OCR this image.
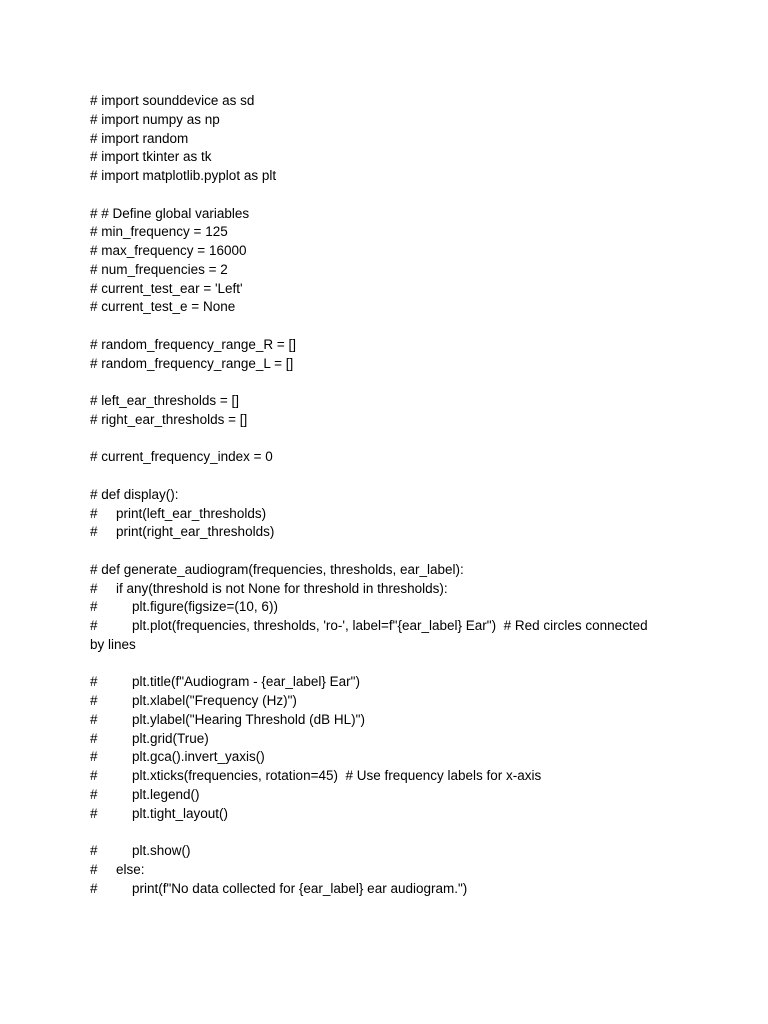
# import sounddevice as sd
# import numpy as np
# import random
# import tkinter as tk
# import matplotlib.pyplot as plt
# # Define global variables
# min_frequency = 125
# max_frequency = 16000
# num_frequencies = 2
# current_test_ear = 'Left'
# current_test_e = None
# random_frequency_range_R = []
# random_frequency_range_L = []
# left_ear_thresholds = []
# right_ear_thresholds = []
# current_frequency_index = 0
# def display():
#	print(left_ear_thresholds)
#	print(right_ear_thresholds)
# def generate_audiogram(frequencies, thresholds, ear_label):
#	if any(threshold is not None for threshold in thresholds):
#	plt.figure(figsize=(10, 6))
#	plt.plot(frequencies, thresholds, 'ro-', label=f"{ear_label} Ear")  # Red circles connected by lines
#	plt.title(f"Audiogram - {ear_label} Ear")
#	plt.xlabel("Frequency (Hz)")
#	plt.ylabel("Hearing Threshold (dB HL)")
#	plt.grid(True)
#	plt.gca().invert_yaxis()
#	plt.xticks(frequencies, rotation=45)  # Use frequency labels for x-axis
#	plt.legend()
#	plt.tight_layout()
#	plt.show()
#	else:
#	print(f"No data collected for {ear_label} ear audiogram.")
